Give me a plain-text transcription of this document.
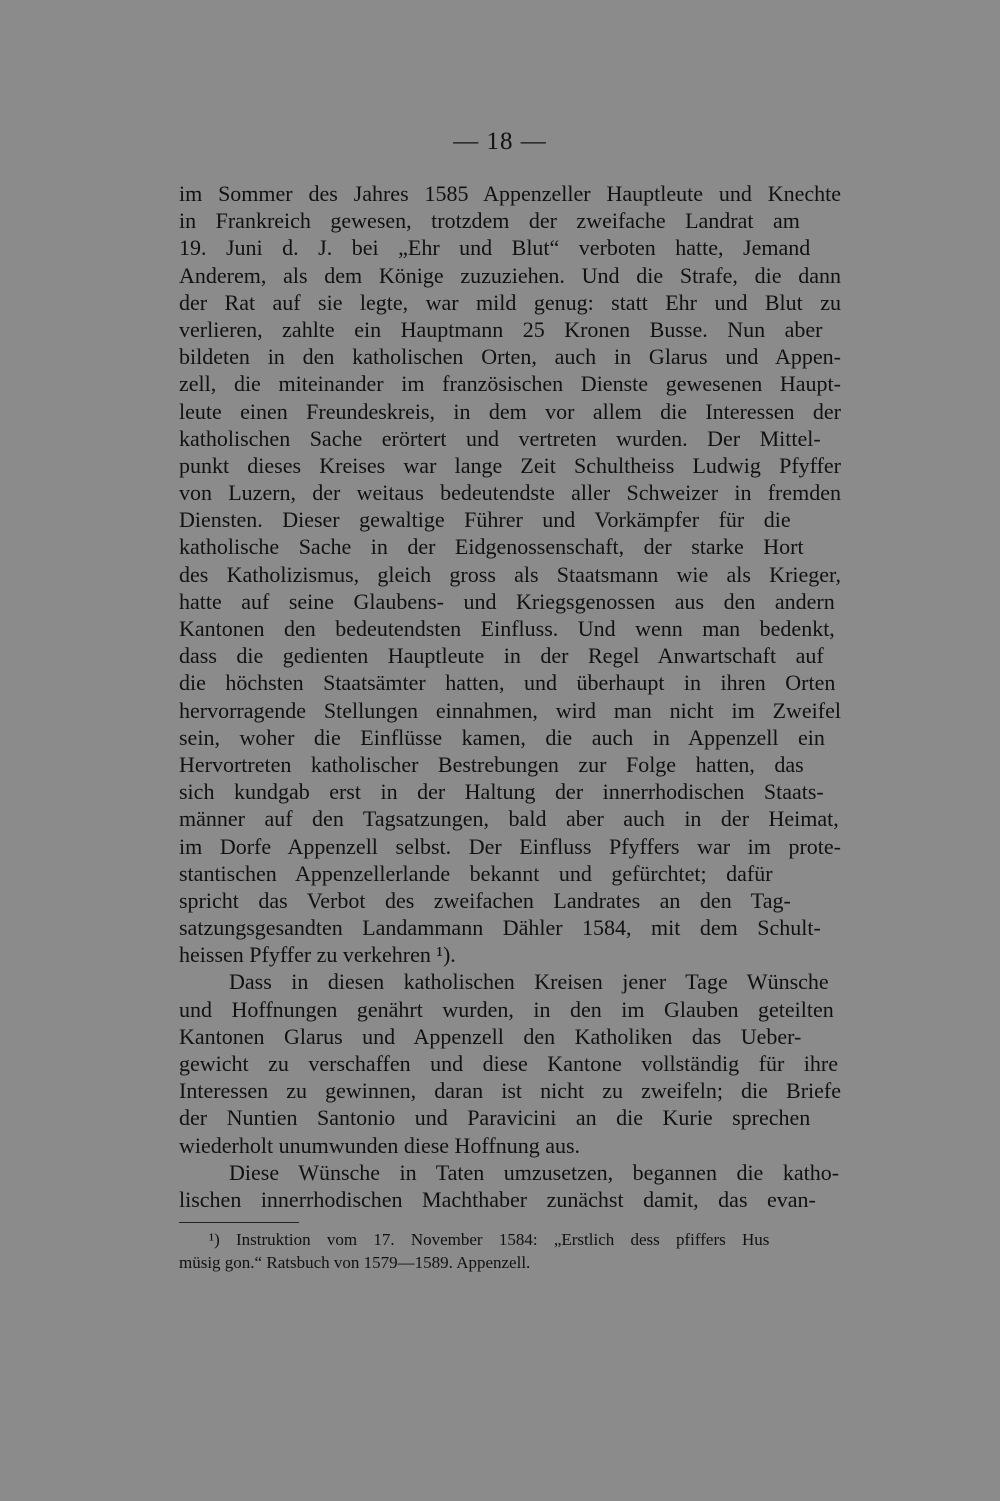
— 18 —
im Sommer des Jahres 1585 Appenzeller Hauptleute und Knechte
in Frankreich gewesen, trotzdem der zweifache Landrat am
19. Juni d. J. bei „Ehr und Blut“ verboten hatte, Jemand
Anderem, als dem Könige zuzuziehen. Und die Strafe, die dann
der Rat auf sie legte, war mild genug: statt Ehr und Blut zu
verlieren, zahlte ein Hauptmann 25 Kronen Busse. Nun aber
bildeten in den katholischen Orten, auch in Glarus und Appen-
zell, die miteinander im französischen Dienste gewesenen Haupt-
leute einen Freundeskreis, in dem vor allem die Interessen der
katholischen Sache erörtert und vertreten wurden. Der Mittel-
punkt dieses Kreises war lange Zeit Schultheiss Ludwig Pfyffer
von Luzern, der weitaus bedeutendste aller Schweizer in fremden
Diensten. Dieser gewaltige Führer und Vorkämpfer für die
katholische Sache in der Eidgenossenschaft, der starke Hort
des Katholizismus, gleich gross als Staatsmann wie als Krieger,
hatte auf seine Glaubens- und Kriegsgenossen aus den andern
Kantonen den bedeutendsten Einfluss. Und wenn man bedenkt,
dass die gedienten Hauptleute in der Regel Anwartschaft auf
die höchsten Staatsämter hatten, und überhaupt in ihren Orten
hervorragende Stellungen einnahmen, wird man nicht im Zweifel
sein, woher die Einflüsse kamen, die auch in Appenzell ein
Hervortreten katholischer Bestrebungen zur Folge hatten, das
sich kundgab erst in der Haltung der innerrhodischen Staats-
männer auf den Tagsatzungen, bald aber auch in der Heimat,
im Dorfe Appenzell selbst. Der Einfluss Pfyffers war im prote-
stantischen Appenzellerlande bekannt und gefürchtet; dafür
spricht das Verbot des zweifachen Landrates an den Tag-
satzungsgesandten Landammann Dähler 1584, mit dem Schult-
heissen Pfyffer zu verkehren ¹).
Dass in diesen katholischen Kreisen jener Tage Wünsche
und Hoffnungen genährt wurden, in den im Glauben geteilten
Kantonen Glarus und Appenzell den Katholiken das Ueber-
gewicht zu verschaffen und diese Kantone vollständig für ihre
Interessen zu gewinnen, daran ist nicht zu zweifeln; die Briefe
der Nuntien Santonio und Paravicini an die Kurie sprechen
wiederholt unumwunden diese Hoffnung aus.
Diese Wünsche in Taten umzusetzen, begannen die katho-
lischen innerrhodischen Machthaber zunächst damit, das evan-
¹) Instruktion vom 17. November 1584: „Erstlich dess pfiffers Hus
müsig gon.“ Ratsbuch von 1579—1589. Appenzell.
